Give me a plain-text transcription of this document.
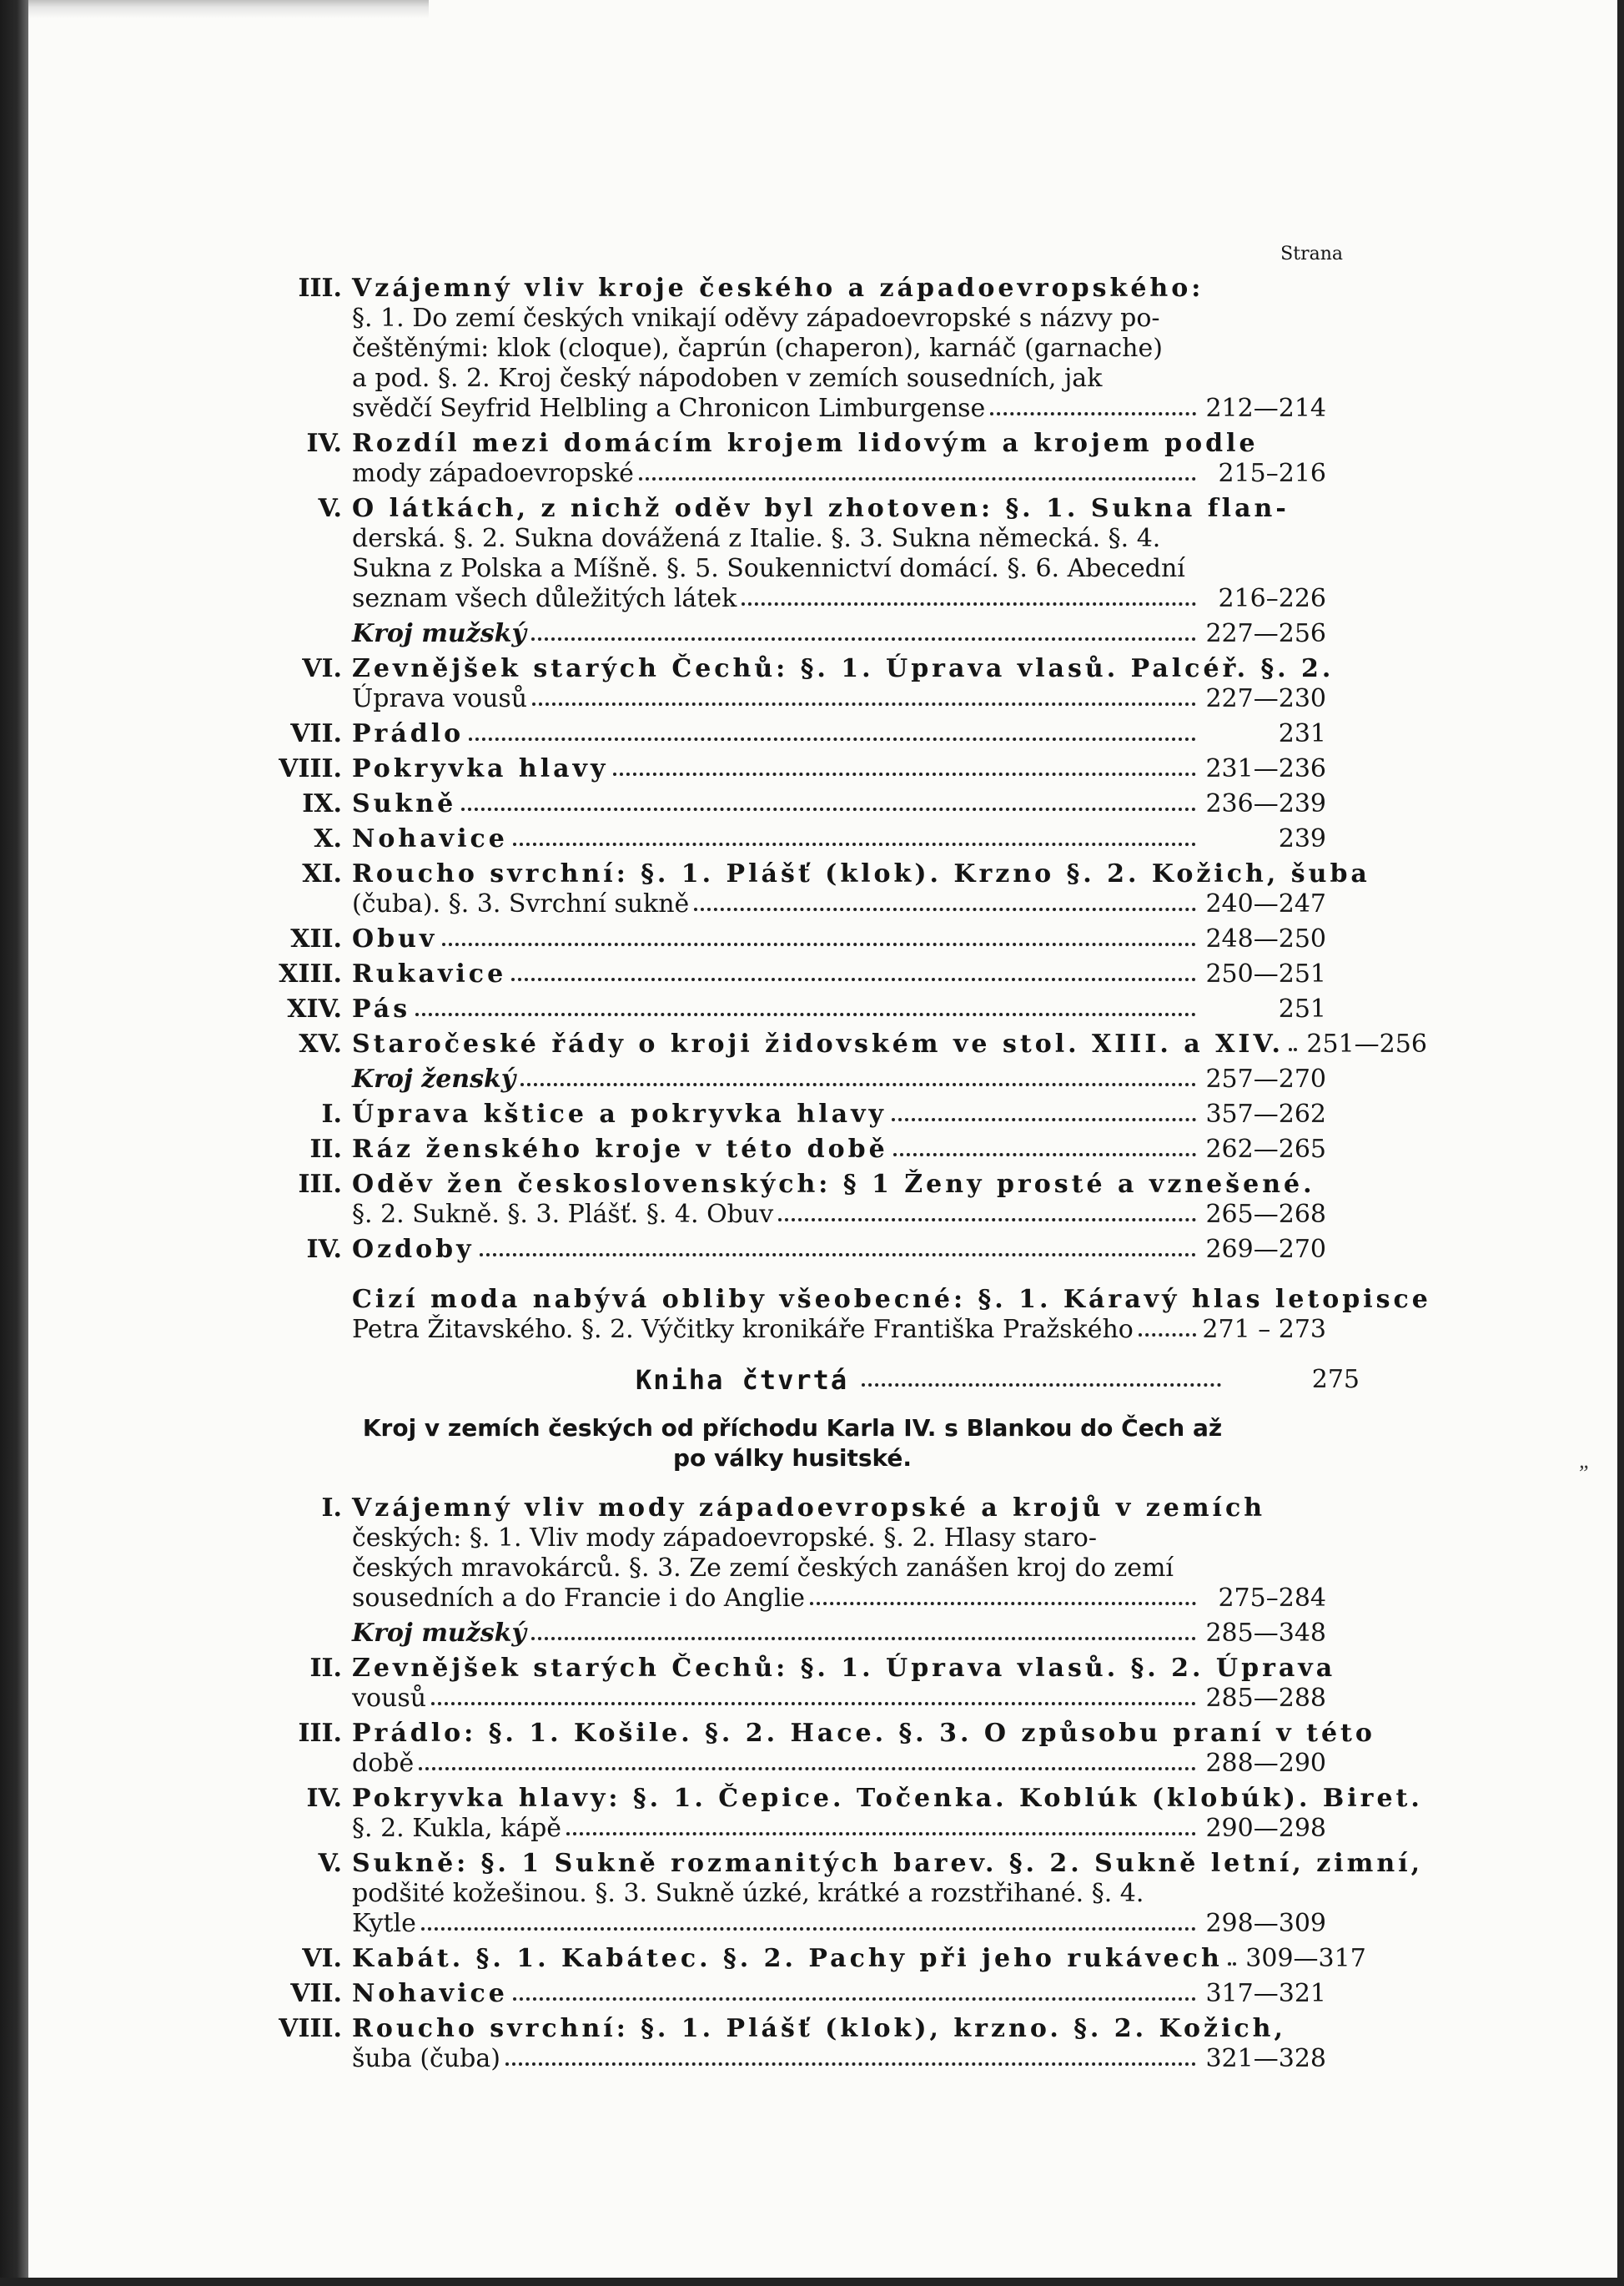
Strana
III. Vzájemný vliv kroje českého a západoevropského:
§. 1. Do zemí českých vnikají oděvy západoevropské s názvy po-
češtěnými: klok (cloque), čaprún (chaperon), karnáč (garnache)
a pod. §. 2. Kroj český nápodoben v zemích sousedních, jak
svědčí Seyfrid Helbling a Chronicon Limburgense	212—214
IV. Rozdíl mezi domácím krojem lidovým a krojem podle
mody západoevropské	215–216
V. O látkách, z nichž oděv byl zhotoven: §. 1. Sukna flan-
derská. §. 2. Sukna dovážená z Italie. §. 3. Sukna německá. §. 4.
Sukna z Polska a Míšně. §. 5. Soukennictví domácí. §. 6. Abecední
seznam všech důležitých látek	216–226
Kroj mužský	227—256
VI. Zevnějšek starých Čechů: §. 1. Úprava vlasů. Palcéř. §. 2.
Úprava vousů	227—230
VII. Prádlo	231
VIII. Pokryvka hlavy	231—236
IX. Sukně	236—239
X. Nohavice	239
XI. Roucho svrchní: §. 1. Plášť (klok). Krzno §. 2. Kožich, šuba
(čuba). §. 3. Svrchní sukně	240—247
XII. Obuv	248—250
XIII. Rukavice	250—251
XIV. Pás	251
XV. Staročeské řády o kroji židovském ve stol. XIII. a XIV. 251—256
Kroj ženský	257—270
I. Úprava kštice a pokryvka hlavy	357—262
II. Ráz ženského kroje v této době	262—265
III. Oděv žen československých: § 1 Ženy prosté a vznešené.
§. 2. Sukně. §. 3. Plášť. §. 4. Obuv	265—268
IV. Ozdoby	269—270
Cizí moda nabývá obliby všeobecné: §. 1. Káravý hlas letopisce
Petra Žitavského. §. 2. Výčitky kronikáře Františka Pražského	271 – 273
Kniha čtvrtá	275
Kroj v zemích českých od příchodu Karla IV. s Blankou do Čech až po války husitské.
I. Vzájemný vliv mody západoevropské a krojů v zemích
českých: §. 1. Vliv mody západoevropské. §. 2. Hlasy staro-
českých mravokárců. §. 3. Ze zemí českých zanášen kroj do zemí
sousedních a do Francie i do Anglie	275–284
Kroj mužský	285—348
II. Zevnějšek starých Čechů: §. 1. Úprava vlasů. §. 2. Úprava
vousů	285—288
III. Prádlo: §. 1. Košile. §. 2. Hace. §. 3. O způsobu praní v této
době	288—290
IV. Pokryvka hlavy: §. 1. Čepice. Točenka. Koblúk (klobúk). Biret.
§. 2. Kukla, kápě	290—298
V. Sukně: §. 1 Sukně rozmanitých barev. §. 2. Sukně letní, zimní,
podšité kožešinou. §. 3. Sukně úzké, krátké a rozstřihané. §. 4.
Kytle	298—309
VI. Kabát. §. 1. Kabátec. §. 2. Pachy při jeho rukávech 309—317
VII. Nohavice	317—321
VIII. Roucho svrchní: §. 1. Plášť (klok), krzno. §. 2. Kožich,
šuba (čuba)	321—328
„
